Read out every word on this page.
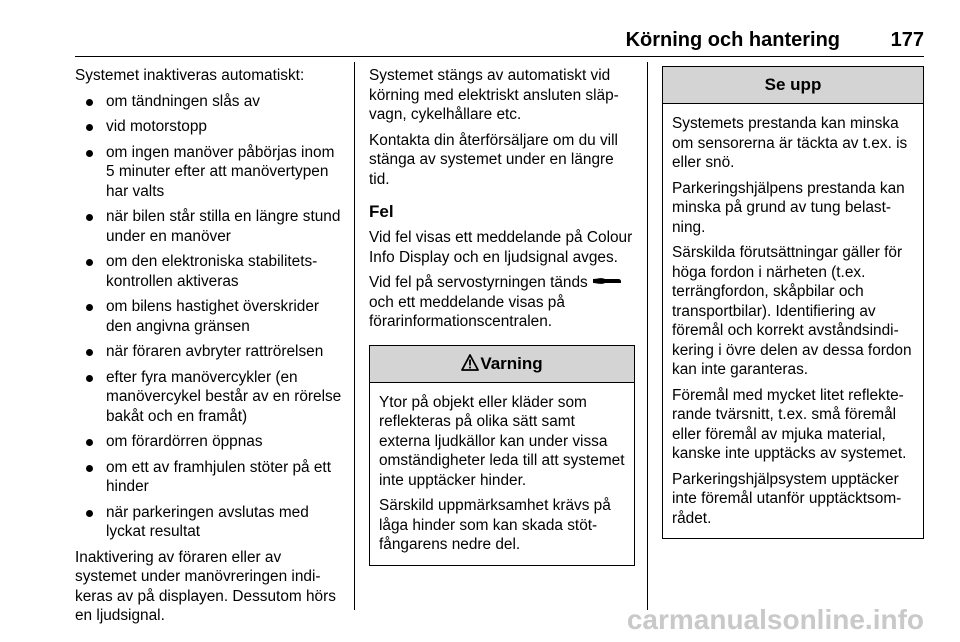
Körning och hantering	177

Systemet inaktiveras automatiskt:

om tändningen slås av
vid motorstopp
om ingen manöver påbörjas inom 5 minuter efter att manövertypen har valts
när bilen står stilla en längre stund under en manöver
om den elektroniska stabilitetskontrollen aktiveras
om bilens hastighet överskrider den angivna gränsen
när föraren avbryter rattrörelsen
efter fyra manövercykler (en manövercykel består av en rörelse bakåt och en framåt)
om förardörren öppnas
om ett av framhjulen stöter på ett hinder
när parkeringen avslutas med lyckat resultat

Inaktivering av föraren eller av systemet under manövreringen indikeras av på displayen. Dessutom hörs en ljudsignal.

Systemet stängs av automatiskt vid körning med elektriskt ansluten släpvagn, cykelhållare etc.

Kontakta din återförsäljare om du vill stänga av systemet under en längre tid.

Fel

Vid fel visas ett meddelande på Colour Info Display och en ljudsignal avges.

Vid fel på servostyrningen tänds  och ett meddelande visas på förarinformationscentralen.

Varning

Ytor på objekt eller kläder som reflekteras på olika sätt samt externa ljudkällor kan under vissa omständigheter leda till att systemet inte upptäcker hinder.

Särskild uppmärksamhet krävs på låga hinder som kan skada stötfångarens nedre del.

Se upp

Systemets prestanda kan minska om sensorerna är täckta av t.ex. is eller snö.

Parkeringshjälpens prestanda kan minska på grund av tung belastning.

Särskilda förutsättningar gäller för höga fordon i närheten (t.ex. terrängfordon, skåpbilar och transportbilar). Identifiering av föremål och korrekt avståndsindikering i övre delen av dessa fordon kan inte garanteras.

Föremål med mycket litet reflekterande tvärsnitt, t.ex. små föremål eller föremål av mjuka material, kanske inte upptäcks av systemet.

Parkeringshjälpsystem upptäcker inte föremål utanför upptäcktsområdet.

carmanualsonline.info
